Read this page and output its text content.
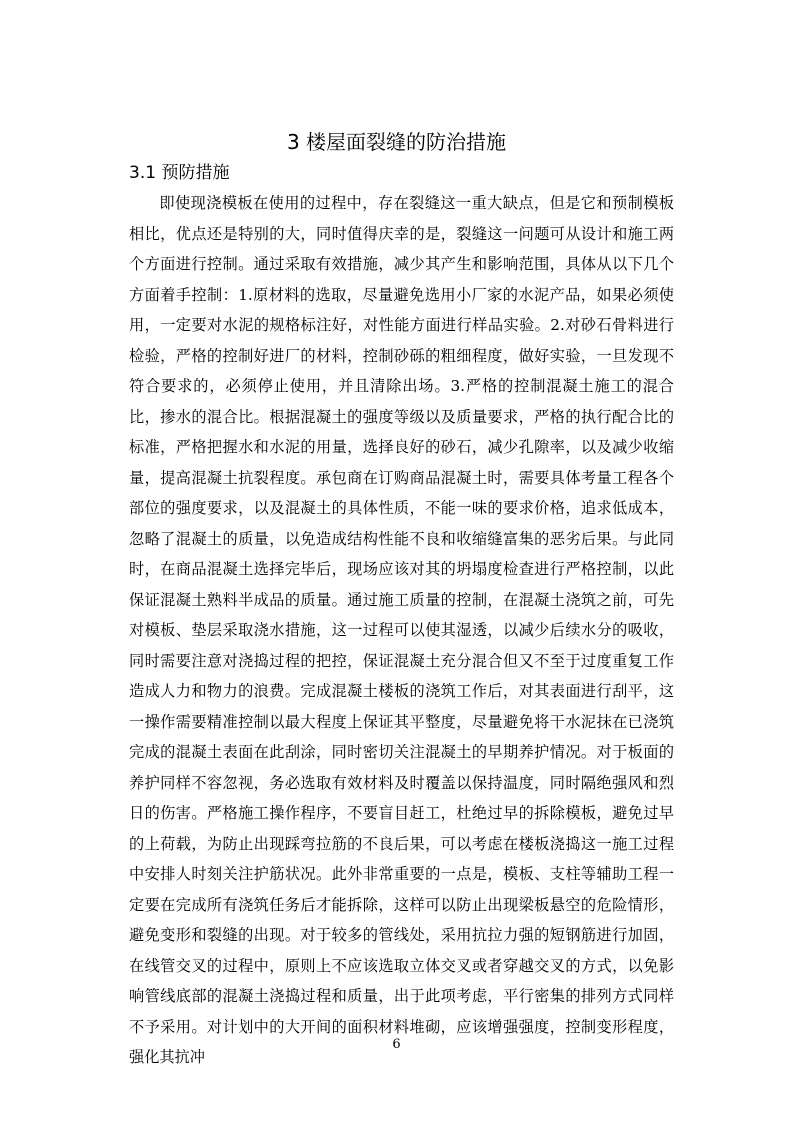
3 楼屋面裂缝的防治措施
3.1 预防措施

即使现浇模板在使用的过程中，存在裂缝这一重大缺点，但是它和预制模板相比，优点还是特别的大，同时值得庆幸的是，裂缝这一问题可从设计和施工两个方面进行控制。通过采取有效措施，减少其产生和影响范围，具体从以下几个方面着手控制：1.原材料的选取，尽量避免选用小厂家的水泥产品，如果必须使用，一定要对水泥的规格标注好，对性能方面进行样品实验。2.对砂石骨料进行检验，严格的控制好进厂的材料，控制砂砾的粗细程度，做好实验，一旦发现不符合要求的，必须停止使用，并且清除出场。3.严格的控制混凝土施工的混合比，掺水的混合比。根据混凝土的强度等级以及质量要求，严格的执行配合比的标准，严格把握水和水泥的用量，选择良好的砂石，减少孔隙率，以及减少收缩量，提高混凝土抗裂程度。承包商在订购商品混凝土时，需要具体考量工程各个部位的强度要求，以及混凝土的具体性质，不能一味的要求价格，追求低成本，忽略了混凝土的质量，以免造成结构性能不良和收缩缝富集的恶劣后果。与此同时，在商品混凝土选择完毕后，现场应该对其的坍塌度检查进行严格控制，以此保证混凝土熟料半成品的质量。通过施工质量的控制，在混凝土浇筑之前，可先对模板、垫层采取浇水措施，这一过程可以使其湿透，以减少后续水分的吸收，同时需要注意对浇捣过程的把控，保证混凝土充分混合但又不至于过度重复工作造成人力和物力的浪费。完成混凝土楼板的浇筑工作后，对其表面进行刮平，这一操作需要精准控制以最大程度上保证其平整度，尽量避免将干水泥抹在已浇筑完成的混凝土表面在此刮涂，同时密切关注混凝土的早期养护情况。对于板面的养护同样不容忽视，务必选取有效材料及时覆盖以保持温度，同时隔绝强风和烈日的伤害。严格施工操作程序，不要盲目赶工，杜绝过早的拆除模板，避免过早的上荷载，为防止出现踩弯拉筋的不良后果，可以考虑在楼板浇捣这一施工过程中安排人时刻关注护筋状况。此外非常重要的一点是，模板、支柱等辅助工程一定要在完成所有浇筑任务后才能拆除，这样可以防止出现梁板悬空的危险情形，避免变形和裂缝的出现。对于较多的管线处，采用抗拉力强的短钢筋进行加固，在线管交叉的过程中，原则上不应该选取立体交叉或者穿越交叉的方式，以免影响管线底部的混凝土浇捣过程和质量，出于此项考虑，平行密集的排列方式同样不予采用。对计划中的大开间的面积材料堆砌，应该增强强度，控制变形程度，强化其抗冲

6
